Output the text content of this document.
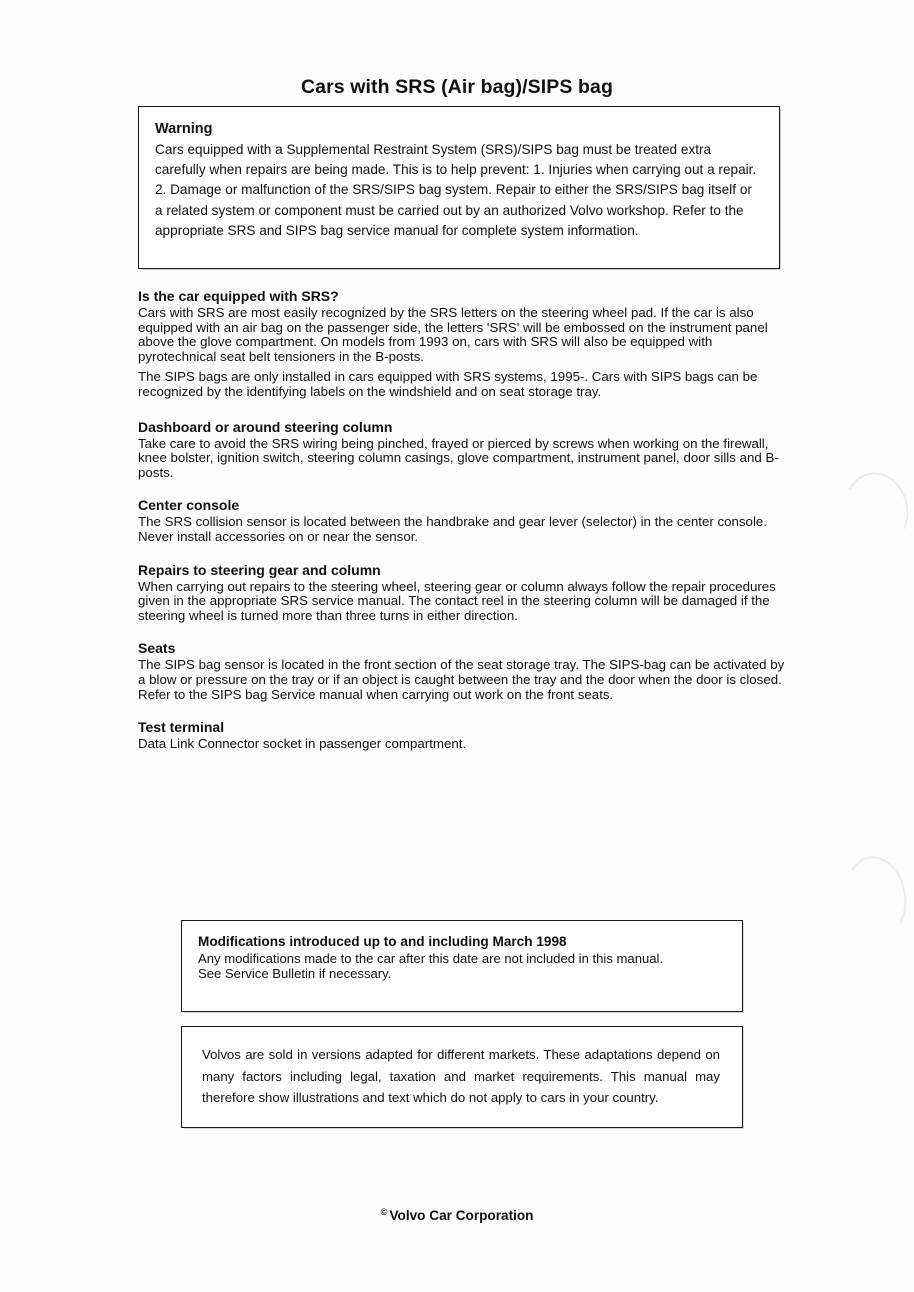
Cars with SRS (Air bag)/SIPS bag
Warning
Cars equipped with a Supplemental Restraint System (SRS)/SIPS bag must be treated extra carefully when repairs are being made. This is to help prevent: 1. Injuries when carrying out a repair. 2. Damage or malfunction of the SRS/SIPS bag system. Repair to either the SRS/SIPS bag itself or a related system or component must be carried out by an authorized Volvo workshop. Refer to the appropriate SRS and SIPS bag service manual for complete system information.
Is the car equipped with SRS?

Cars with SRS are most easily recognized by the SRS letters on the steering wheel pad. If the car is also equipped with an air bag on the passenger side, the letters 'SRS' will be embossed on the instrument panel above the glove compartment. On models from 1993 on, cars with SRS will also be equipped with pyrotechnical seat belt tensioners in the B-posts.

The SIPS bags are only installed in cars equipped with SRS systems, 1995-. Cars with SIPS bags can be recognized by the identifying labels on the windshield and on seat storage tray.

Dashboard or around steering column

Take care to avoid the SRS wiring being pinched, frayed or pierced by screws when working on the firewall, knee bolster, ignition switch, steering column casings, glove compartment, instrument panel, door sills and B-posts.

Center console

The SRS collision sensor is located between the handbrake and gear lever (selector) in the center console. Never install accessories on or near the sensor.

Repairs to steering gear and column

When carrying out repairs to the steering wheel, steering gear or column always follow the repair procedures given in the appropriate SRS service manual. The contact reel in the steering column will be damaged if the steering wheel is turned more than three turns in either direction.

Seats

The SIPS bag sensor is located in the front section of the seat storage tray. The SIPS-bag can be activated by a blow or pressure on the tray or if an object is caught between the tray and the door when the door is closed. Refer to the SIPS bag Service manual when carrying out work on the front seats.

Test terminal

Data Link Connector socket in passenger compartment.

Modifications introduced up to and including March 1998
Any modifications made to the car after this date are not included in this manual.
See Service Bulletin if necessary.
Volvos are sold in versions adapted for different markets. These adaptations depend on many factors including legal, taxation and market requirements. This manual may therefore show illustrations and text which do not apply to cars in your country.
© Volvo Car Corporation
